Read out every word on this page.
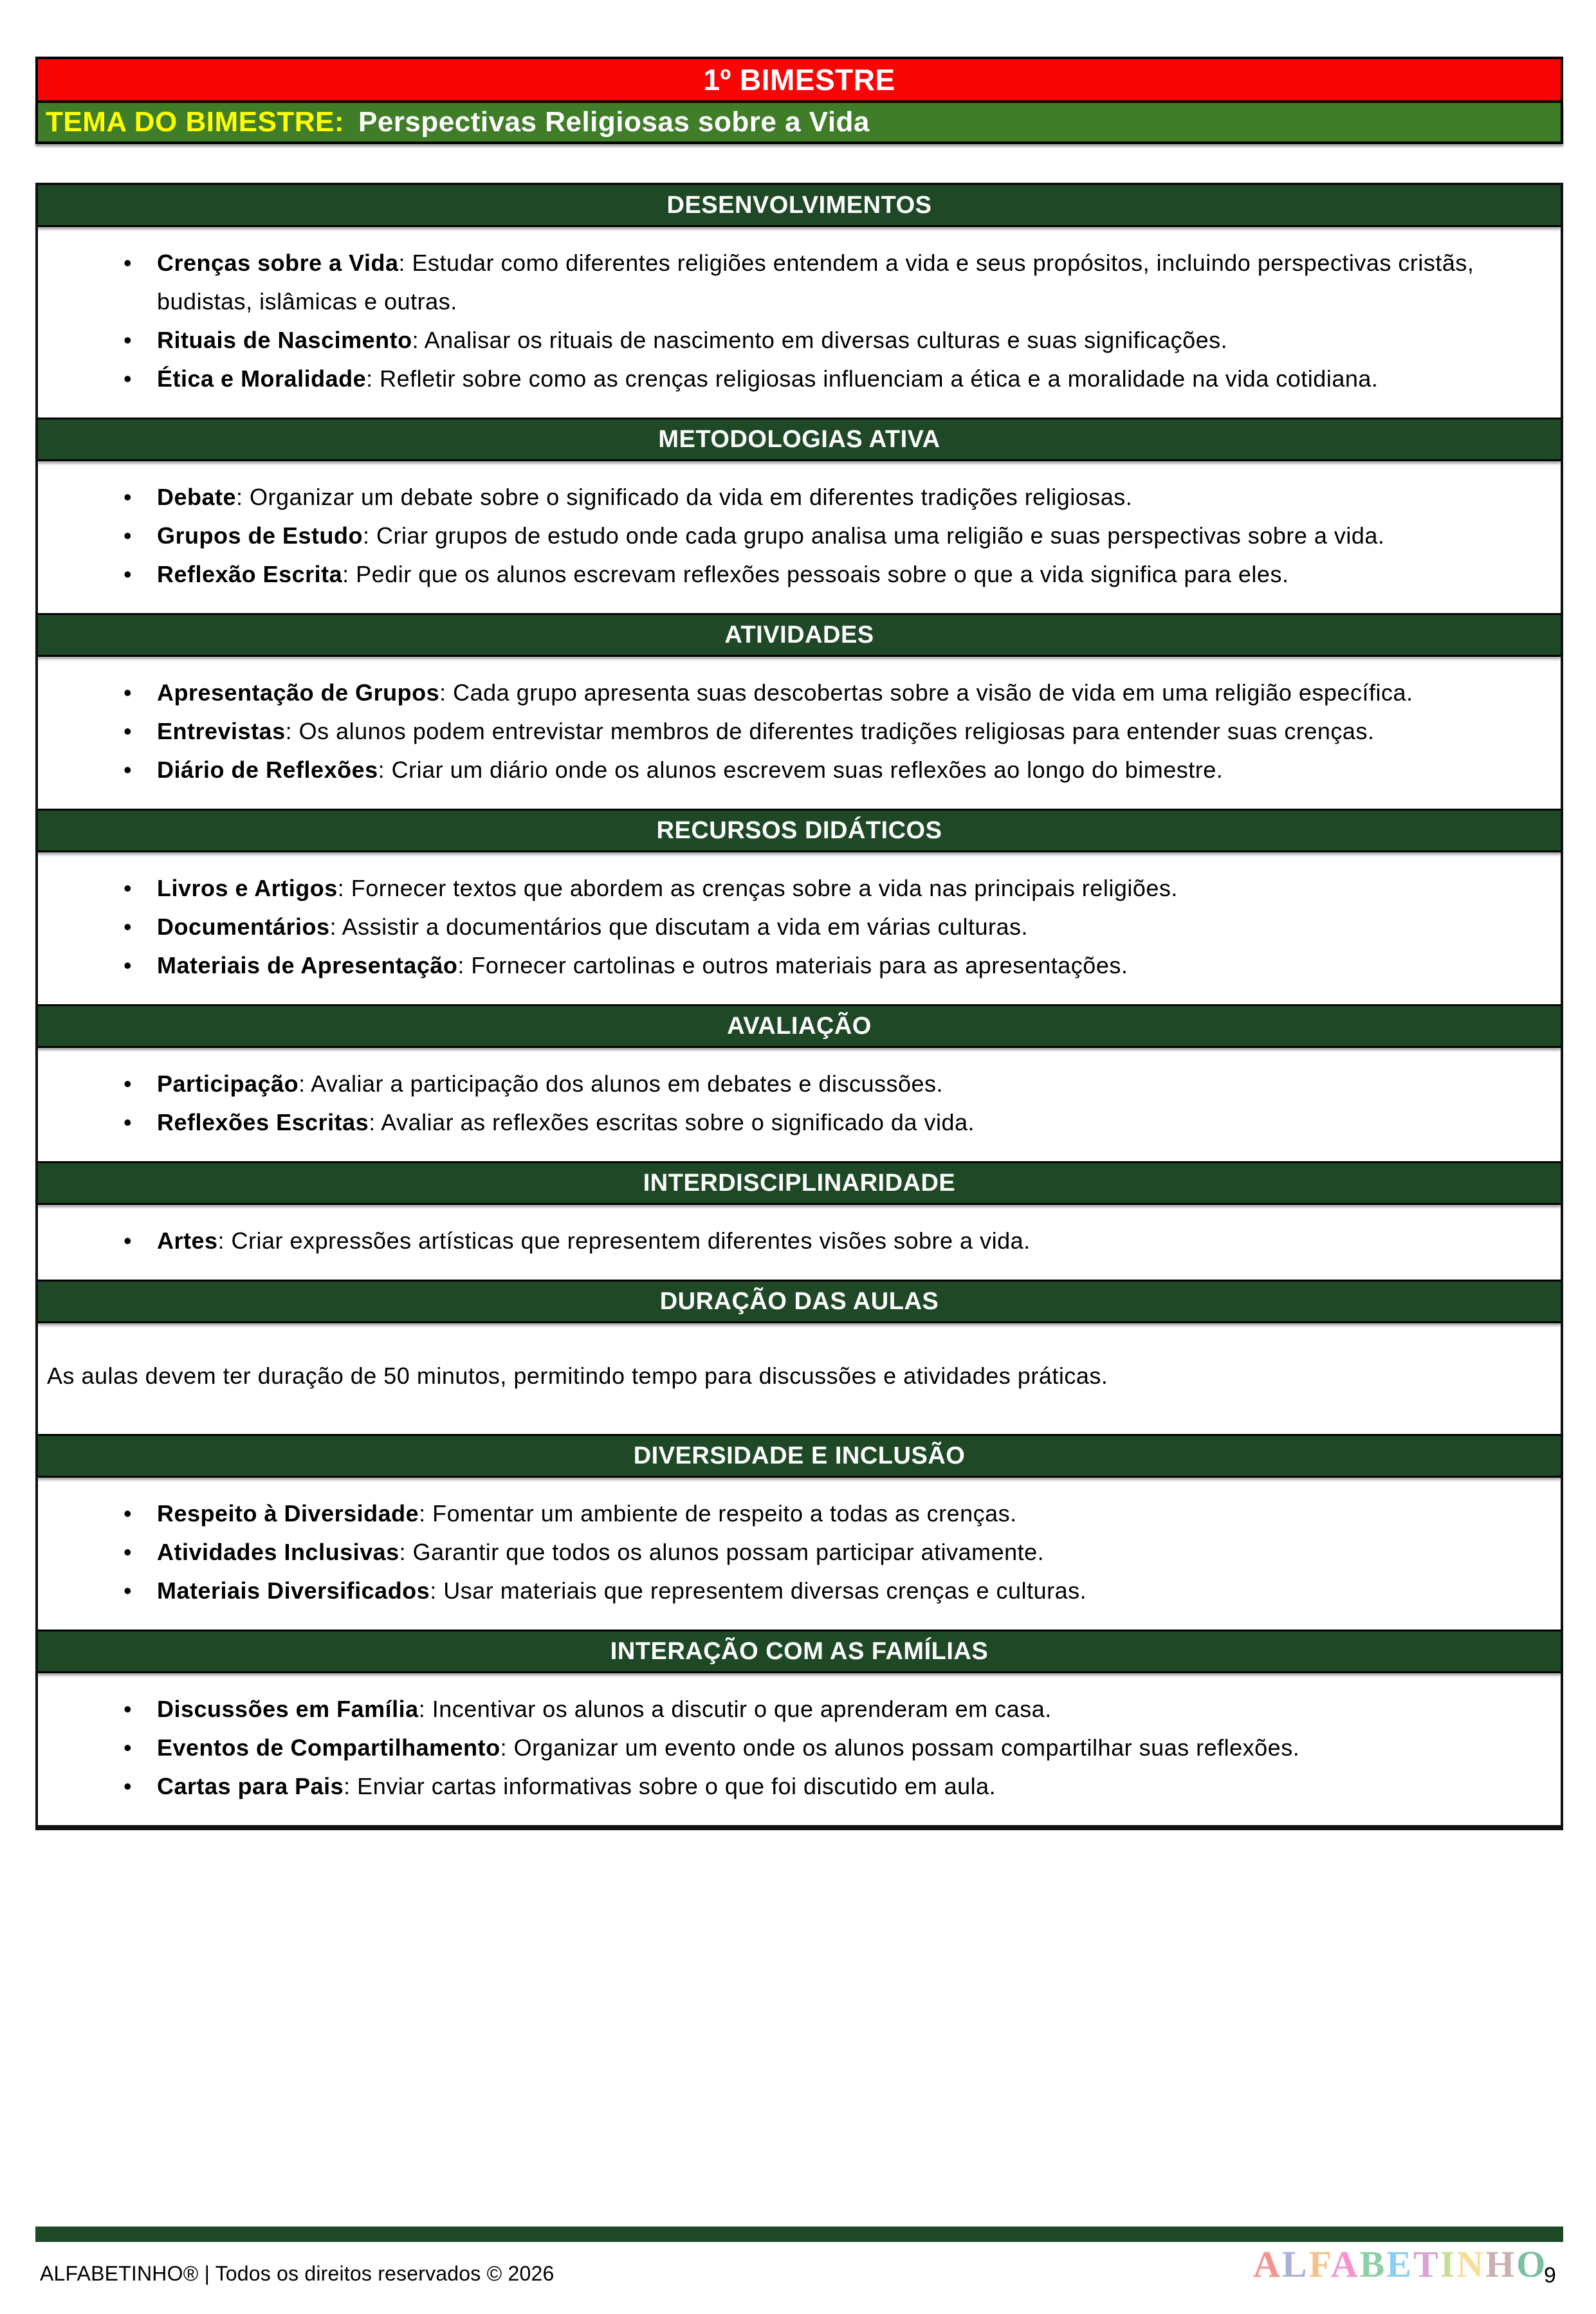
1º BIMESTRE
TEMA DO BIMESTRE: Perspectivas Religiosas sobre a Vida
DESENVOLVIMENTOS
• Crenças sobre a Vida: Estudar como diferentes religiões entendem a vida e seus propósitos, incluindo perspectivas cristãs, budistas, islâmicas e outras.
• Rituais de Nascimento: Analisar os rituais de nascimento em diversas culturas e suas significações.
• Ética e Moralidade: Refletir sobre como as crenças religiosas influenciam a ética e a moralidade na vida cotidiana.
METODOLOGIAS ATIVA
• Debate: Organizar um debate sobre o significado da vida em diferentes tradições religiosas.
• Grupos de Estudo: Criar grupos de estudo onde cada grupo analisa uma religião e suas perspectivas sobre a vida.
• Reflexão Escrita: Pedir que os alunos escrevam reflexões pessoais sobre o que a vida significa para eles.
ATIVIDADES
• Apresentação de Grupos: Cada grupo apresenta suas descobertas sobre a visão de vida em uma religião específica.
• Entrevistas: Os alunos podem entrevistar membros de diferentes tradições religiosas para entender suas crenças.
• Diário de Reflexões: Criar um diário onde os alunos escrevem suas reflexões ao longo do bimestre.
RECURSOS DIDÁTICOS
• Livros e Artigos: Fornecer textos que abordem as crenças sobre a vida nas principais religiões.
• Documentários: Assistir a documentários que discutam a vida em várias culturas.
• Materiais de Apresentação: Fornecer cartolinas e outros materiais para as apresentações.
AVALIAÇÃO
• Participação: Avaliar a participação dos alunos em debates e discussões.
• Reflexões Escritas: Avaliar as reflexões escritas sobre o significado da vida.
INTERDISCIPLINARIDADE
• Artes: Criar expressões artísticas que representem diferentes visões sobre a vida.
DURAÇÃO DAS AULAS

As aulas devem ter duração de 50 minutos, permitindo tempo para discussões e atividades práticas.

DIVERSIDADE E INCLUSÃO
• Respeito à Diversidade: Fomentar um ambiente de respeito a todas as crenças.
• Atividades Inclusivas: Garantir que todos os alunos possam participar ativamente.
• Materiais Diversificados: Usar materiais que representem diversas crenças e culturas.
INTERAÇÃO COM AS FAMÍLIAS
• Discussões em Família: Incentivar os alunos a discutir o que aprenderam em casa.
• Eventos de Compartilhamento: Organizar um evento onde os alunos possam compartilhar suas reflexões.
• Cartas para Pais: Enviar cartas informativas sobre o que foi discutido em aula.
ALFABETINHO® | Todos os direitos reservados © 2026	ALFABETINHO
9
